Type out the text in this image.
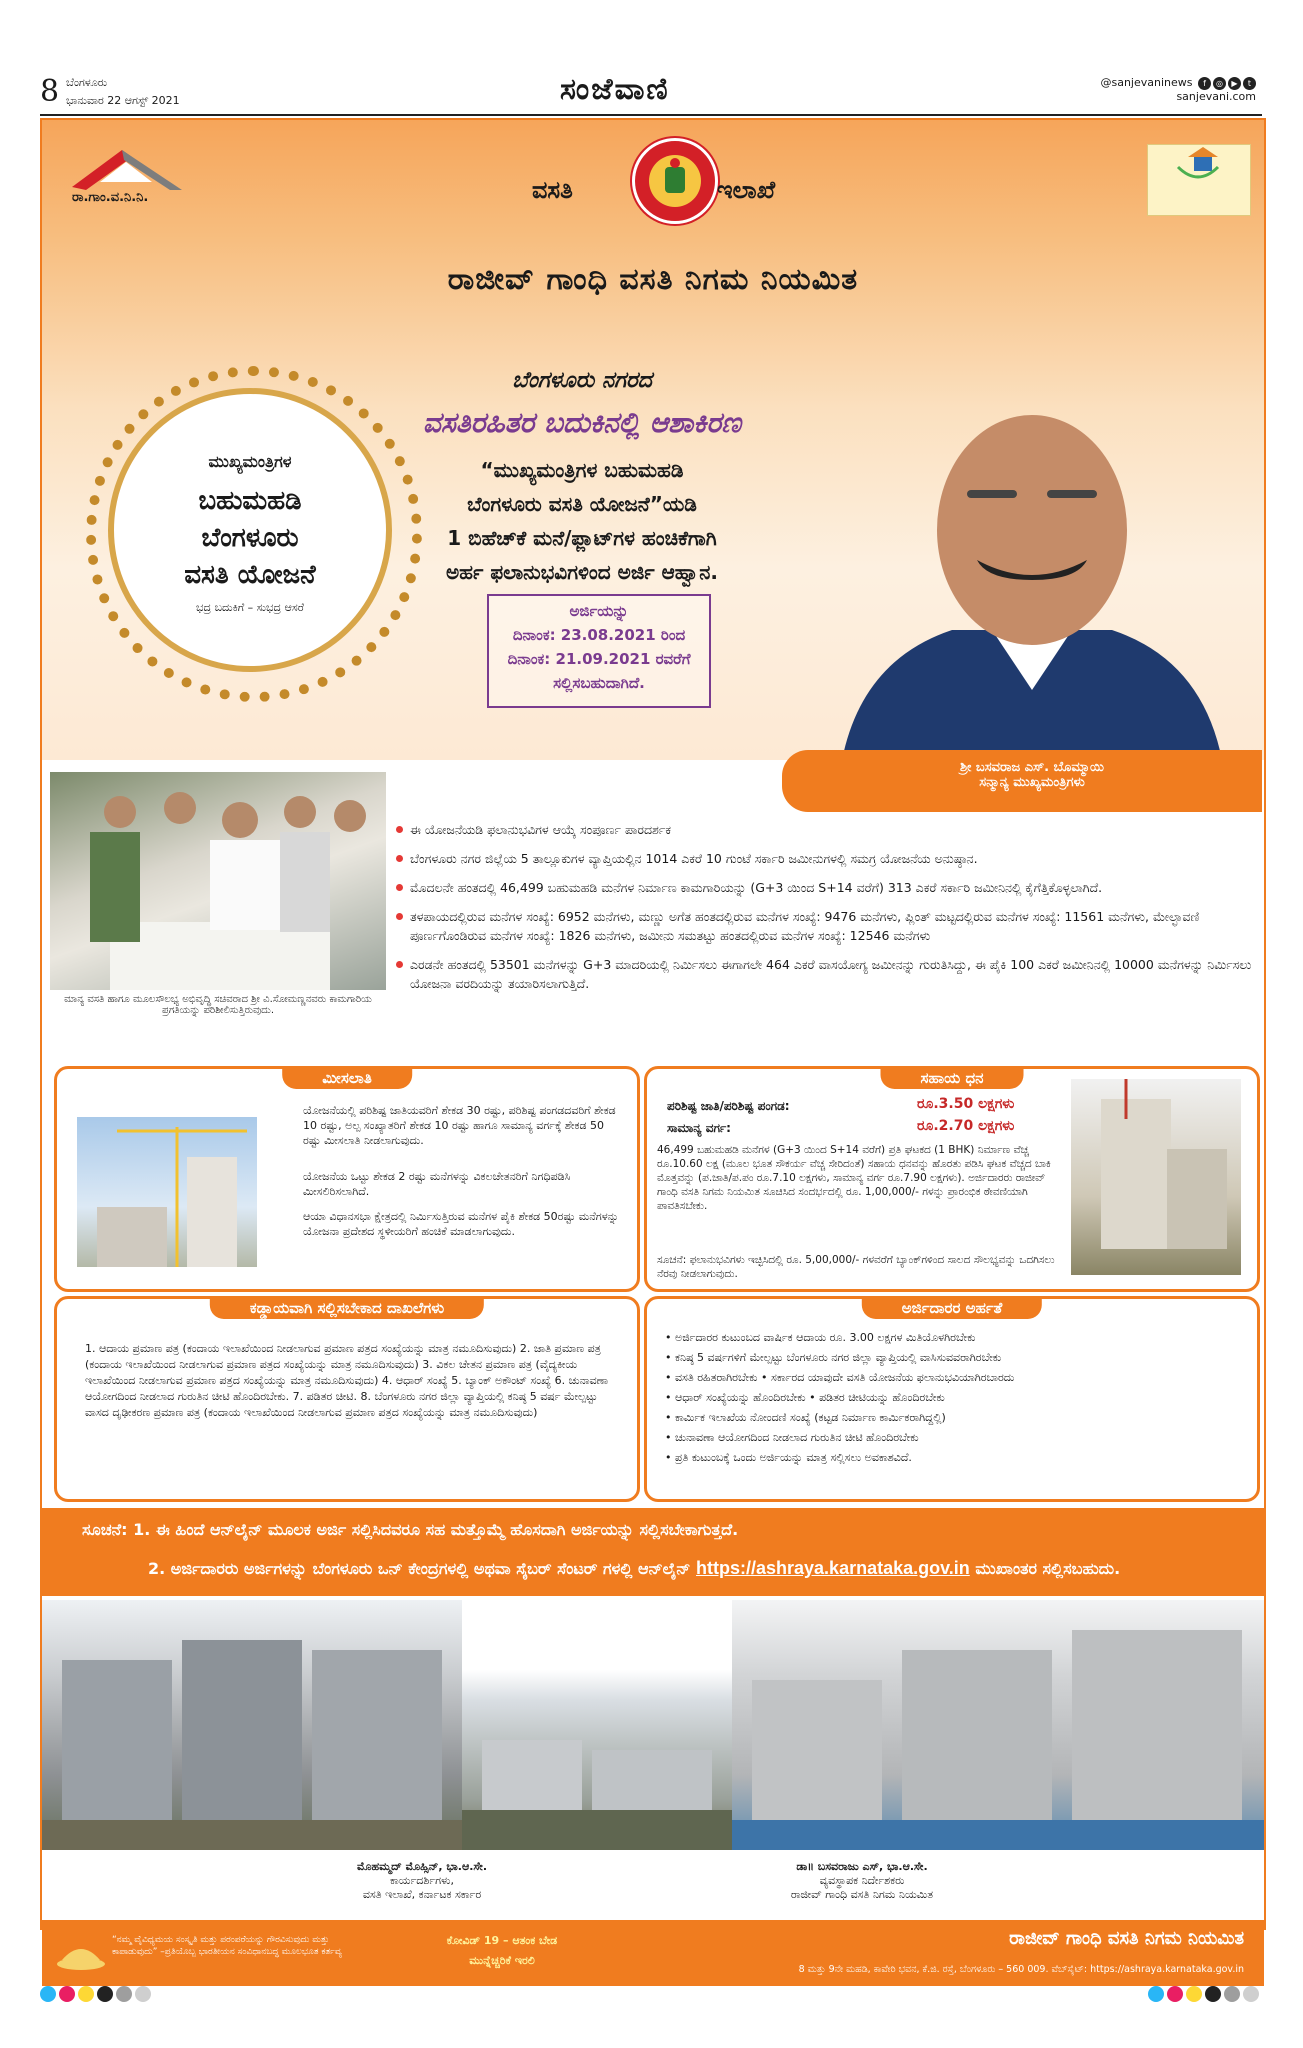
8 ಬೆಂಗಳೂರು
ಭಾನುವಾರ 22 ಆಗಸ್ಟ್ 2021	ಸಂಜೆವಾಣಿ	@sanjevaninews f ◎ ▶ t
sanjevani.com
ರಾ.ಗಾಂ.ವ.ನಿ.ನಿ.	ವಸತಿ	ಇಲಾಖೆ
ರಾಜೀವ್ ಗಾಂಧಿ ವಸತಿ ನಿಗಮ ನಿಯಮಿತ
ಮುಖ್ಯಮಂತ್ರಿಗಳ
ಬಹುಮಹಡಿ
ಬೆಂಗಳೂರು
ವಸತಿ ಯೋಜನೆ
ಭದ್ರ ಬದುಕಿಗೆ – ಸುಭದ್ರ ಆಸರೆ
ಬೆಂಗಳೂರು ನಗರದ
ವಸತಿರಹಿತರ ಬದುಕಿನಲ್ಲಿ ಆಶಾಕಿರಣ
“ಮುಖ್ಯಮಂತ್ರಿಗಳ ಬಹುಮಹಡಿ
ಬೆಂಗಳೂರು ವಸತಿ ಯೋಜನೆ”ಯಡಿ
1 ಬಿಹೆಚ್‌ಕೆ ಮನೆ/ಫ್ಲಾಟ್‌ಗಳ ಹಂಚಿಕೆಗಾಗಿ
ಅರ್ಹ ಫಲಾನುಭವಿಗಳಿಂದ ಅರ್ಜಿ ಆಹ್ವಾನ.
ಅರ್ಜಿಯನ್ನು
ದಿನಾಂಕ: 23.08.2021 ರಿಂದ
ದಿನಾಂಕ: 21.09.2021 ರವರೆಗೆ
ಸಲ್ಲಿಸಬಹುದಾಗಿದೆ.
ಶ್ರೀ ಬಸವರಾಜ ಎಸ್. ಬೊಮ್ಮಾಯಿ
ಸನ್ಮಾನ್ಯ ಮುಖ್ಯಮಂತ್ರಿಗಳು
ಮಾನ್ಯ ವಸತಿ ಹಾಗೂ ಮೂಲಸೌಲಭ್ಯ ಅಭಿವೃದ್ಧಿ ಸಚಿವರಾದ ಶ್ರೀ ವಿ.ಸೋಮಣ್ಣನವರು ಕಾಮಗಾರಿಯ ಪ್ರಗತಿಯನ್ನು ಪರಿಶೀಲಿಸುತ್ತಿರುವುದು.
ಈ ಯೋಜನೆಯಡಿ ಫಲಾನುಭವಿಗಳ ಆಯ್ಕೆ ಸಂಪೂರ್ಣ ಪಾರದರ್ಶಕ
ಬೆಂಗಳೂರು ನಗರ ಜಿಲ್ಲೆಯ 5 ತಾಲ್ಲೂಕುಗಳ ವ್ಯಾಪ್ತಿಯಲ್ಲಿನ 1014 ಎಕರೆ 10 ಗುಂಟೆ ಸರ್ಕಾರಿ ಜಮೀನುಗಳಲ್ಲಿ ಸಮಗ್ರ ಯೋಜನೆಯ ಅನುಷ್ಠಾನ.
ಮೊದಲನೇ ಹಂತದಲ್ಲಿ 46,499 ಬಹುಮಹಡಿ ಮನೆಗಳ ನಿರ್ಮಾಣ ಕಾಮಗಾರಿಯನ್ನು (G+3 ಯಿಂದ S+14 ವರೆಗೆ) 313 ಎಕರೆ ಸರ್ಕಾರಿ ಜಮೀನಿನಲ್ಲಿ ಕೈಗೆತ್ತಿಕೊಳ್ಳಲಾಗಿದೆ.
ತಳಪಾಯದಲ್ಲಿರುವ ಮನೆಗಳ ಸಂಖ್ಯೆ: 6952 ಮನೆಗಳು, ಮಣ್ಣು ಅಗೆತ ಹಂತದಲ್ಲಿರುವ ಮನೆಗಳ ಸಂಖ್ಯೆ: 9476 ಮನೆಗಳು, ಪ್ಲಿಂತ್ ಮಟ್ಟದಲ್ಲಿರುವ ಮನೆಗಳ ಸಂಖ್ಯೆ: 11561 ಮನೆಗಳು, ಮೇಲ್ಛಾವಣಿ ಪೂರ್ಣಗೊಂಡಿರುವ ಮನೆಗಳ ಸಂಖ್ಯೆ: 1826 ಮನೆಗಳು, ಜಮೀನು ಸಮತಟ್ಟು ಹಂತದಲ್ಲಿರುವ ಮನೆಗಳ ಸಂಖ್ಯೆ: 12546 ಮನೆಗಳು
ಎರಡನೇ ಹಂತದಲ್ಲಿ 53501 ಮನೆಗಳನ್ನು G+3 ಮಾದರಿಯಲ್ಲಿ ನಿರ್ಮಿಸಲು ಈಗಾಗಲೇ 464 ಎಕರೆ ವಾಸಯೋಗ್ಯ ಜಮೀನನ್ನು ಗುರುತಿಸಿದ್ದು, ಈ ಪೈಕಿ 100 ಎಕರೆ ಜಮೀನಿನಲ್ಲಿ 10000 ಮನೆಗಳನ್ನು ನಿರ್ಮಿಸಲು ಯೋಜನಾ ವರದಿಯನ್ನು ತಯಾರಿಸಲಾಗುತ್ತಿದೆ.
ಮೀಸಲಾತಿ
ಯೋಜನೆಯಲ್ಲಿ ಪರಿಶಿಷ್ಟ ಜಾತಿಯವರಿಗೆ ಶೇಕಡ 30 ರಷ್ಟು, ಪರಿಶಿಷ್ಟ ಪಂಗಡದವರಿಗೆ ಶೇಕಡ 10 ರಷ್ಟು, ಅಲ್ಪ ಸಂಖ್ಯಾತರಿಗೆ ಶೇಕಡ 10 ರಷ್ಟು ಹಾಗೂ ಸಾಮಾನ್ಯ ವರ್ಗಕ್ಕೆ ಶೇಕಡ 50 ರಷ್ಟು ಮೀಸಲಾತಿ ನೀಡಲಾಗುವುದು.
ಯೋಜನೆಯ ಒಟ್ಟು ಶೇಕಡ 2 ರಷ್ಟು ಮನೆಗಳನ್ನು ವಿಕಲಚೇತನರಿಗೆ ನಿಗಧಿಪಡಿಸಿ ಮೀಸಲಿರಿಸಲಾಗಿದೆ.
ಆಯಾ ವಿಧಾನಸಭಾ ಕ್ಷೇತ್ರದಲ್ಲಿ ನಿರ್ಮಿಸುತ್ತಿರುವ ಮನೆಗಳ ಪೈಕಿ ಶೇಕಡ 50ರಷ್ಟು ಮನೆಗಳನ್ನು ಯೋಜನಾ ಪ್ರದೇಶದ ಸ್ಥಳೀಯರಿಗೆ ಹಂಚಿಕೆ ಮಾಡಲಾಗುವುದು.
ಸಹಾಯ ಧನ
ಪರಿಶಿಷ್ಟ ಜಾತಿ/ಪರಿಶಿಷ್ಟ ಪಂಗಡ:	ರೂ.3.50 ಲಕ್ಷಗಳು
ಸಾಮಾನ್ಯ ವರ್ಗ:	ರೂ.2.70 ಲಕ್ಷಗಳು
46,499 ಬಹುಮಹಡಿ ಮನೆಗಳ (G+3 ಯಿಂದ S+14 ವರೆಗೆ) ಪ್ರತಿ ಘಟಕದ (1 BHK) ನಿರ್ಮಾಣ ವೆಚ್ಚ ರೂ.10.60 ಲಕ್ಷ (ಮೂಲ ಭೂತ ಸೌಕರ್ಯ ವೆಚ್ಚ ಸೇರಿದಂತೆ) ಸಹಾಯ ಧನವನ್ನು ಹೊರತು ಪಡಿಸಿ ಘಟಕ ವೆಚ್ಚದ ಬಾಕಿ ಮೊತ್ತವನ್ನು (ಪ.ಜಾತಿ/ಪ.ಪಂ ರೂ.7.10 ಲಕ್ಷಗಳು, ಸಾಮಾನ್ಯ ವರ್ಗ ರೂ.7.90 ಲಕ್ಷಗಳು). ಅರ್ಜಿದಾರರು ರಾಜೀವ್ ಗಾಂಧಿ ವಸತಿ ನಿಗಮ ನಿಯಮಿತ ಸೂಚಿಸಿದ ಸಂದರ್ಭದಲ್ಲಿ ರೂ. 1,00,000/- ಗಳನ್ನು ಪ್ರಾರಂಭಿಕ ಠೇವಣಿಯಾಗಿ ಪಾವತಿಸಬೇಕು.
ಸೂಚನೆ: ಫಲಾನುಭವಿಗಳು ಇಚ್ಛಿಸಿದಲ್ಲಿ ರೂ. 5,00,000/- ಗಳವರೆಗೆ ಬ್ಯಾಂಕ್‌ಗಳಿಂದ ಸಾಲದ ಸೌಲಭ್ಯವನ್ನು ಒದಗಿಸಲು ನೆರವು ನೀಡಲಾಗುವುದು.
ಕಡ್ಡಾಯವಾಗಿ ಸಲ್ಲಿಸಬೇಕಾದ ದಾಖಲೆಗಳು
1. ಆದಾಯ ಪ್ರಮಾಣ ಪತ್ರ (ಕಂದಾಯ ಇಲಾಖೆಯಿಂದ ನೀಡಲಾಗುವ ಪ್ರಮಾಣ ಪತ್ರದ ಸಂಖ್ಯೆಯನ್ನು ಮಾತ್ರ ನಮೂದಿಸುವುದು) 2. ಜಾತಿ ಪ್ರಮಾಣ ಪತ್ರ (ಕಂದಾಯ ಇಲಾಖೆಯಿಂದ ನೀಡಲಾಗುವ ಪ್ರಮಾಣ ಪತ್ರದ ಸಂಖ್ಯೆಯನ್ನು ಮಾತ್ರ ನಮೂದಿಸುವುದು) 3. ವಿಕಲ ಚೇತನ ಪ್ರಮಾಣ ಪತ್ರ (ವೈದ್ಯಕೀಯ ಇಲಾಖೆಯಿಂದ ನೀಡಲಾಗುವ ಪ್ರಮಾಣ ಪತ್ರದ ಸಂಖ್ಯೆಯನ್ನು ಮಾತ್ರ ನಮೂದಿಸುವುದು) 4. ಆಧಾರ್ ಸಂಖ್ಯೆ 5. ಬ್ಯಾಂಕ್ ಅಕೌಂಟ್ ಸಂಖ್ಯೆ 6. ಚುನಾವಣಾ ಆಯೋಗದಿಂದ ನೀಡಲಾದ ಗುರುತಿನ ಚೀಟಿ ಹೊಂದಿರಬೇಕು. 7. ಪಡಿತರ ಚೀಟಿ. 8. ಬೆಂಗಳೂರು ನಗರ ಜಿಲ್ಲಾ ವ್ಯಾಪ್ತಿಯಲ್ಲಿ ಕನಿಷ್ಠ 5 ವರ್ಷ ಮೇಲ್ಪಟ್ಟು ವಾಸದ ದೃಢೀಕರಣ ಪ್ರಮಾಣ ಪತ್ರ (ಕಂದಾಯ ಇಲಾಖೆಯಿಂದ ನೀಡಲಾಗುವ ಪ್ರಮಾಣ ಪತ್ರದ ಸಂಖ್ಯೆಯನ್ನು ಮಾತ್ರ ನಮೂದಿಸುವುದು)
ಅರ್ಜಿದಾರರ ಅರ್ಹತೆ
• ಅರ್ಜಿದಾರರ ಕುಟುಂಬದ ವಾರ್ಷಿಕ ಆದಾಯ ರೂ. 3.00 ಲಕ್ಷಗಳ ಮಿತಿಯೊಳಗಿರಬೇಕು
• ಕನಿಷ್ಠ 5 ವರ್ಷಗಳಿಗೆ ಮೇಲ್ಪಟ್ಟು ಬೆಂಗಳೂರು ನಗರ ಜಿಲ್ಲಾ ವ್ಯಾಪ್ತಿಯಲ್ಲಿ ವಾಸಿಸುವವರಾಗಿರಬೇಕು
• ವಸತಿ ರಹಿತರಾಗಿರಬೇಕು • ಸರ್ಕಾರದ ಯಾವುದೇ ವಸತಿ ಯೋಜನೆಯ ಫಲಾನುಭವಿಯಾಗಿರಬಾರದು
• ಆಧಾರ್ ಸಂಖ್ಯೆಯನ್ನು ಹೊಂದಿರಬೇಕು • ಪಡಿತರ ಚೀಟಿಯನ್ನು ಹೊಂದಿರಬೇಕು
• ಕಾರ್ಮಿಕ ಇಲಾಖೆಯ ನೋಂದಣಿ ಸಂಖ್ಯೆ (ಕಟ್ಟಡ ನಿರ್ಮಾಣ ಕಾರ್ಮಿಕರಾಗಿದ್ದಲ್ಲಿ)
• ಚುನಾವಣಾ ಆಯೋಗದಿಂದ ನೀಡಲಾದ ಗುರುತಿನ ಚೀಟಿ ಹೊಂದಿರಬೇಕು
• ಪ್ರತಿ ಕುಟುಂಬಕ್ಕೆ ಒಂದು ಅರ್ಜಿಯನ್ನು ಮಾತ್ರ ಸಲ್ಲಿಸಲು ಅವಕಾಶವಿದೆ.
ಸೂಚನೆ: 1. ಈ ಹಿಂದೆ ಆನ್‌ಲೈನ್ ಮೂಲಕ ಅರ್ಜಿ ಸಲ್ಲಿಸಿದವರೂ ಸಹ ಮತ್ತೊಮ್ಮೆ ಹೊಸದಾಗಿ ಅರ್ಜಿಯನ್ನು ಸಲ್ಲಿಸಬೇಕಾಗುತ್ತದೆ.
2. ಅರ್ಜಿದಾರರು ಅರ್ಜಿಗಳನ್ನು ಬೆಂಗಳೂರು ಒನ್ ಕೇಂದ್ರಗಳಲ್ಲಿ ಅಥವಾ ಸೈಬರ್ ಸೆಂಟರ್ ಗಳಲ್ಲಿ ಆನ್‌ಲೈನ್ https://ashraya.karnataka.gov.in ಮುಖಾಂತರ ಸಲ್ಲಿಸಬಹುದು.
ಮೊಹಮ್ಮದ್ ಮೊಹ್ಸಿನ್, ಭಾ.ಆ.ಸೇ.
ಕಾರ್ಯದರ್ಶಿಗಳು,
ವಸತಿ ಇಲಾಖೆ, ಕರ್ನಾಟಕ ಸರ್ಕಾರ
ಡಾ॥ ಬಸವರಾಜು ಎಸ್, ಭಾ.ಆ.ಸೇ.
ವ್ಯವಸ್ಥಾಪಕ ನಿರ್ದೇಶಕರು
ರಾಜೀವ್ ಗಾಂಧಿ ವಸತಿ ನಿಗಮ ನಿಯಮಿತ
“ನಮ್ಮ ವೈವಿಧ್ಯಮಯ ಸಂಸ್ಕೃತಿ ಮತ್ತು ಪರಂಪರೆಯನ್ನು ಗೌರವಿಸುವುದು ಮತ್ತು ಕಾಪಾಡುವುದು” –ಪ್ರತಿಯೊಬ್ಬ ಭಾರತೀಯನ ಸಂವಿಧಾನಬದ್ಧ ಮೂಲಭೂತ ಕರ್ತವ್ಯ
ಕೋವಿಡ್ 19 – ಆತಂಕ ಬೇಡ
ಮುನ್ನೆಚ್ಚರಿಕೆ ಇರಲಿ
ರಾಜೀವ್ ಗಾಂಧಿ ವಸತಿ ನಿಗಮ ನಿಯಮಿತ
8 ಮತ್ತು 9ನೇ ಮಹಡಿ, ಕಾವೇರಿ ಭವನ, ಕೆ.ಜಿ. ರಸ್ತೆ, ಬೆಂಗಳೂರು – 560 009. ವೆಬ್‌ಸೈಟ್: https://ashraya.karnataka.gov.in
